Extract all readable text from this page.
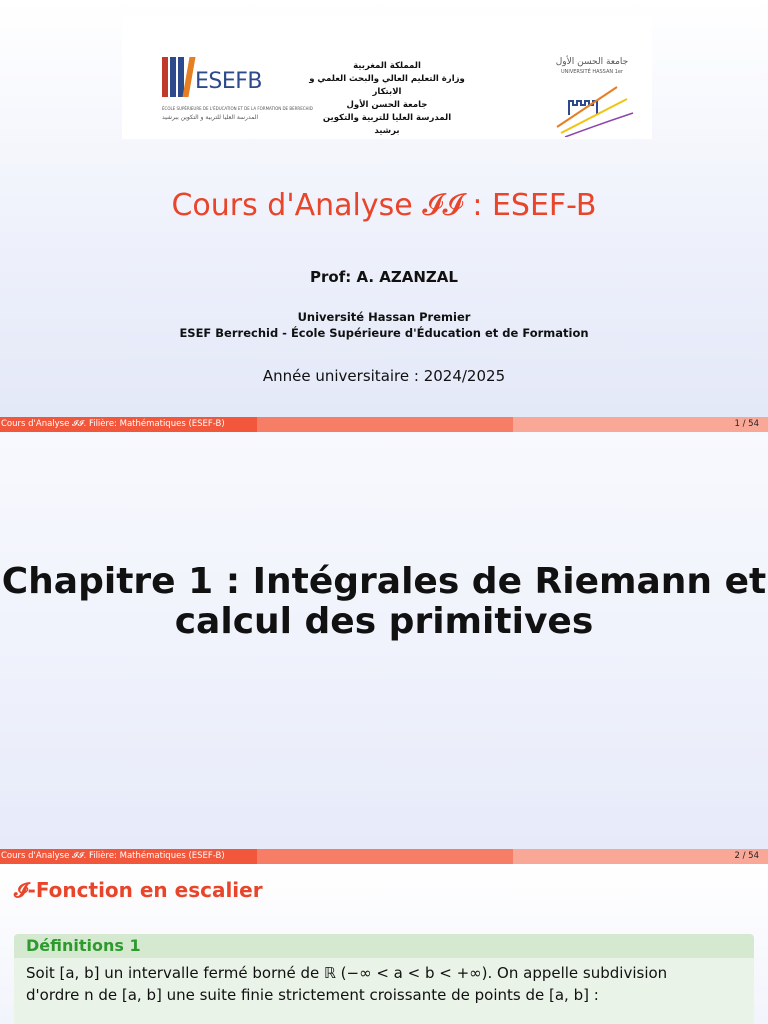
ESEFB
ÉCOLE SUPÉRIEURE DE L'ÉDUCATION ET DE LA FORMATION DE BERRECHID
المدرسة العليا للتربية و التكوين ببرشيد
المملكة المغربية
وزارة التعليم العالي والبحث العلمي و الابتكار
جامعة الحسن الأول
المدرسة العليا للتربية والتكوين
برشيد
جامعة الحسن الأول
UNIVERSITÉ HASSAN 1er
Cours d'Analyse 𝓘𝓘 : ESEF-B
Prof: A. AZANZAL
Université Hassan Premier
ESEF Berrechid - École Supérieure d'Éducation et de Formation
Année universitaire : 2024/2025
Cours d'Analyse 𝓘𝓘. Filière: Mathématiques (ESEF-B)	1 / 54
Chapitre 1 : Intégrales de Riemann et
calcul des primitives
Cours d'Analyse 𝓘𝓘. Filière: Mathématiques (ESEF-B)	2 / 54
𝓘-Fonction en escalier
Définitions 1

Soit [a, b] un intervalle fermé borné de ℝ (−∞ < a < b < +∞). On appelle subdivision

d'ordre n de [a, b] une suite finie strictement croissante de points de [a, b] :
